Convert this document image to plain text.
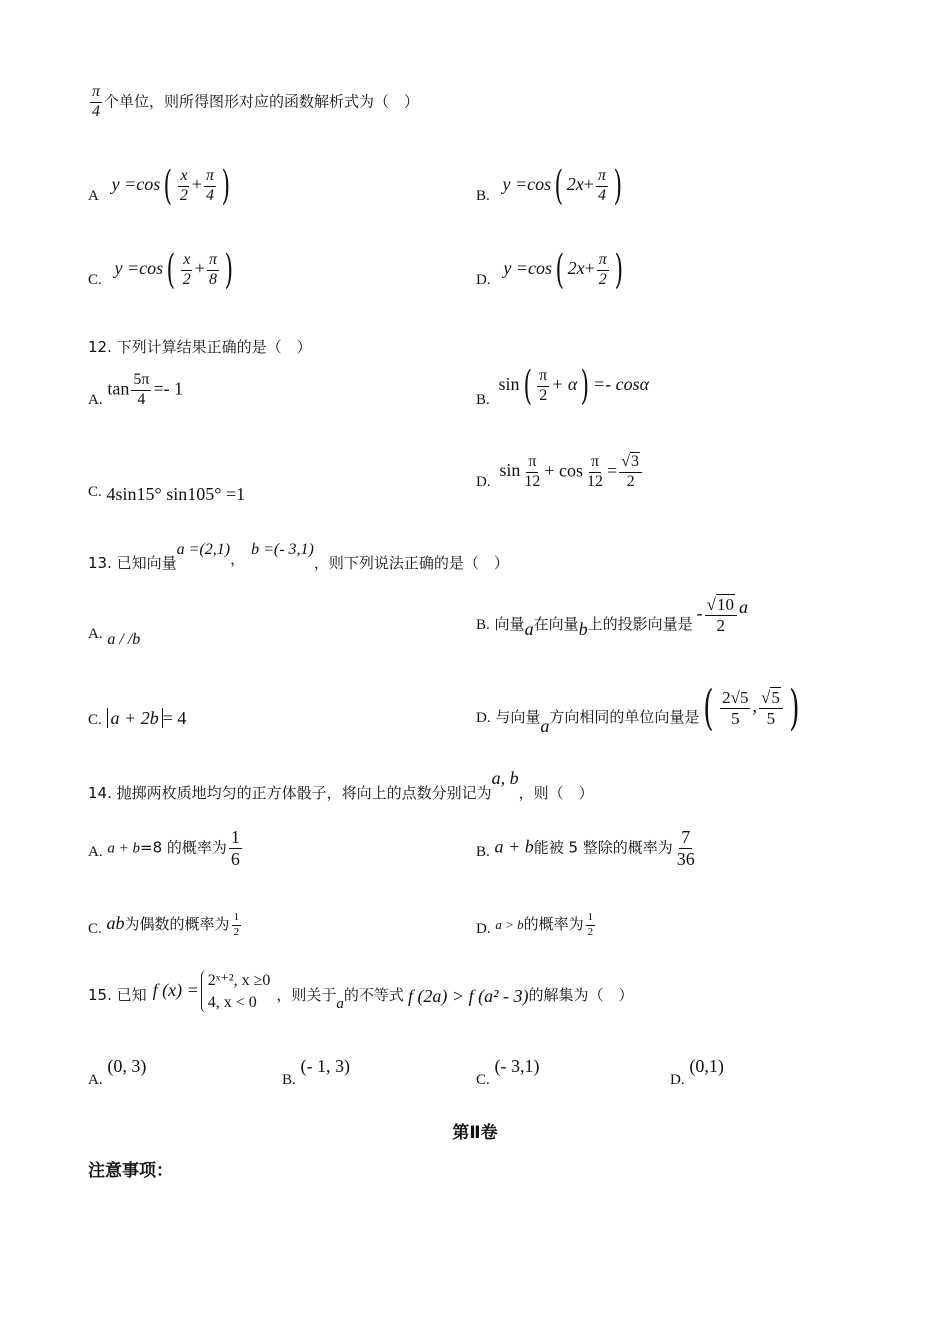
$\frac{\pi}{4}$ 个单位，则所得图形对应的函数解析式为（　）
A $y =\cos( \frac{x}{2} + \frac{\pi}{4}$ )	B. y =cos( $2x+ \frac{\pi}{4}$ )
C. $y =\cos( \frac{x}{2} + \frac{\pi}{8}$ )	D. y =cos( $2x+ \frac{\pi}{2}$ )
12. 下列计算结果正确的是（　）
A. $\tan \frac{5\pi}{4} =- 1$
B. $\sin( \frac{\pi}{2} + \alpha) =- \cos\alpha$
C. 4sin15° sin105° =1
D. $\sin \frac{\pi}{12} + \cos \frac{\pi}{12} = \frac{√3}{2}$
13. 已知向量a =(2,1)，b =(- 3,1)，则下列说法正确的是（　）
A. a / /b
B. 向量a在向量b上的投影向量是- $\frac{√10}{2}$ a
C. a + 2b = 4	D. 与向量a方向相同的单位向量是( $\frac{2√5}{5}$ , $\frac{√5}{5}$ )
14. 抛掷两枚质地均匀的正方体骰子，将向上的点数分别记为a, b，则（　）
A. a + b=8 的概率为 $\frac{1}{6}$	B. a + b能被 5 整除的概率为 $\frac{7}{36}$
C. ab为偶数的概率为 $\frac{1}{2}$	D. a > b的概率为 $\frac{1}{2}$
15. 已知 f (x) = 2ˣ⁺², x ≥0
4, x < 0	，则关于a的不等式 f (2a) > f (a² - 3)的解集为（　）
A. (0, 3)
B. (- 1, 3)
C. (- 3,1)
D. (0,1)
第Ⅱ卷
注意事项：
